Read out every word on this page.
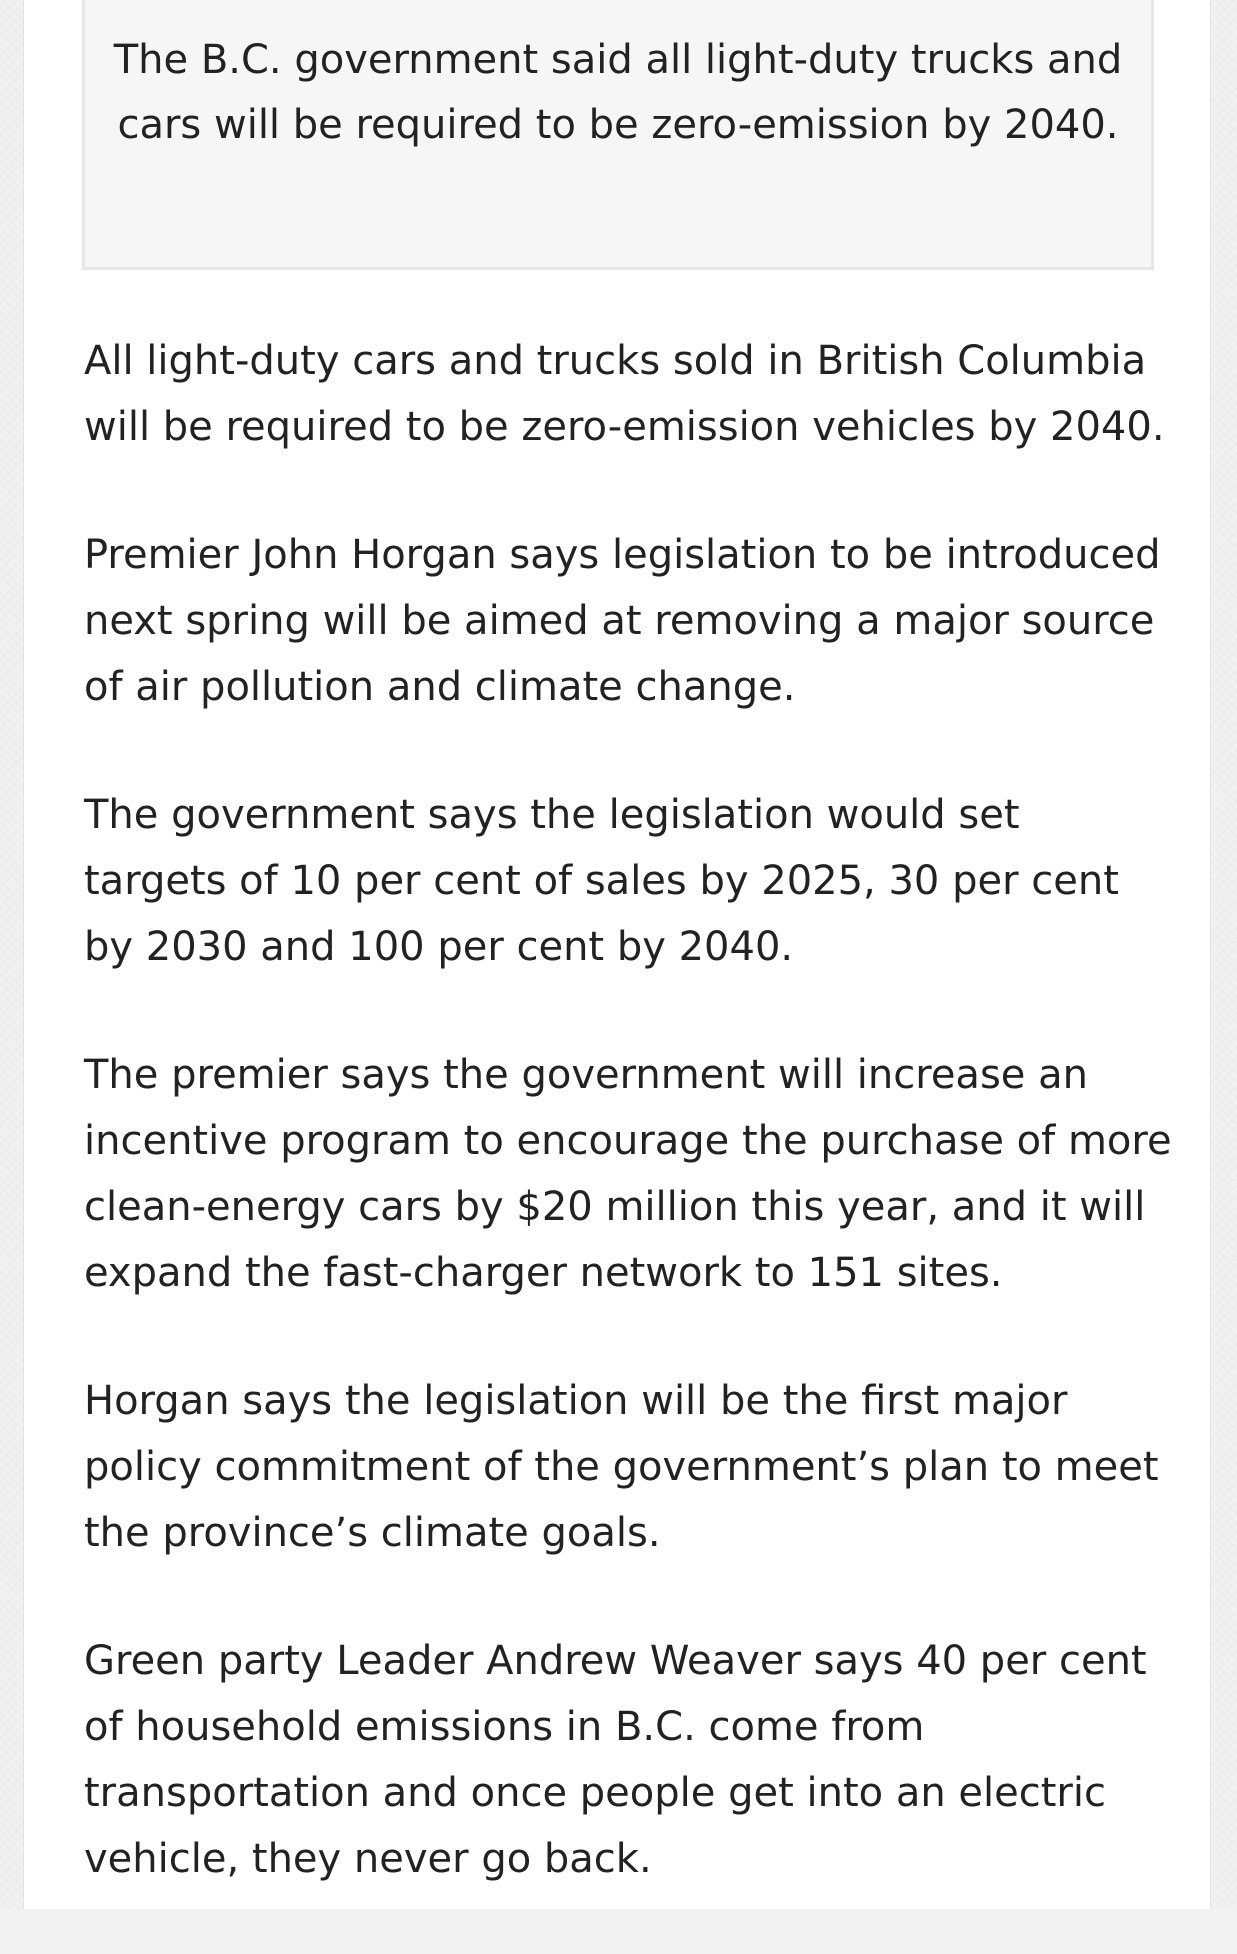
The B.C. government said all light-duty trucks and cars will be required to be zero-emission by 2040.

All light-duty cars and trucks sold in British Columbia will be required to be zero-emission vehicles by 2040.

Premier John Horgan says legislation to be introduced next spring will be aimed at removing a major source of air pollution and climate change.

The government says the legislation would set targets of 10 per cent of sales by 2025, 30 per cent by 2030 and 100 per cent by 2040.

The premier says the government will increase an incentive program to encourage the purchase of more clean-energy cars by $20 million this year, and it will expand the fast-charger network to 151 sites.

Horgan says the legislation will be the first major policy commitment of the government’s plan to meet the province’s climate goals.

Green party Leader Andrew Weaver says 40 per cent of household emissions in B.C. come from transportation and once people get into an electric vehicle, they never go back.
